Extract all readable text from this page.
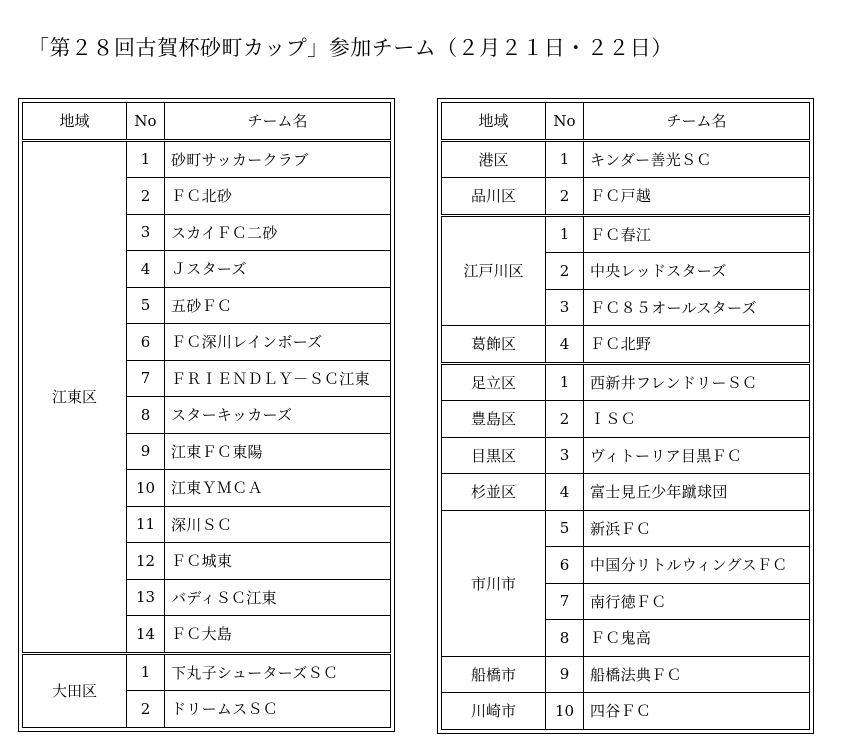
「第２８回古賀杯砂町カップ」参加チーム（２月２１日・２２日）
地域	No	チーム名
江東区	1	砂町サッカークラブ
	2	ＦＣ北砂
	3	スカイＦＣ二砂
	4	Ｊスターズ
	5	五砂ＦＣ
	6	ＦＣ深川レインボーズ
	7	ＦＲＩＥＮＤＬＹ－ＳＣ江東
	8	スターキッカーズ
	9	江東ＦＣ東陽
	10	江東ＹＭＣＡ
	11	深川ＳＣ
	12	ＦＣ城東
	13	バディＳＣ江東
	14	ＦＣ大島
大田区	1	下丸子シューターズＳＣ
	2	ドリームスＳＣ
地域	No	チーム名
港区	1	キンダー善光ＳＣ
品川区	2	ＦＣ戸越
江戸川区	1	ＦＣ春江
	2	中央レッドスターズ
	3	ＦＣ８５オールスターズ
葛飾区	4	ＦＣ北野
足立区	1	西新井フレンドリーＳＣ
豊島区	2	ＩＳＣ
目黒区	3	ヴィトーリア目黒ＦＣ
杉並区	4	富士見丘少年蹴球団
市川市	5	新浜ＦＣ
	6	中国分リトルウィングスＦＣ
	7	南行徳ＦＣ
	8	ＦＣ鬼高
船橋市	9	船橋法典ＦＣ
川崎市	10	四谷ＦＣ
